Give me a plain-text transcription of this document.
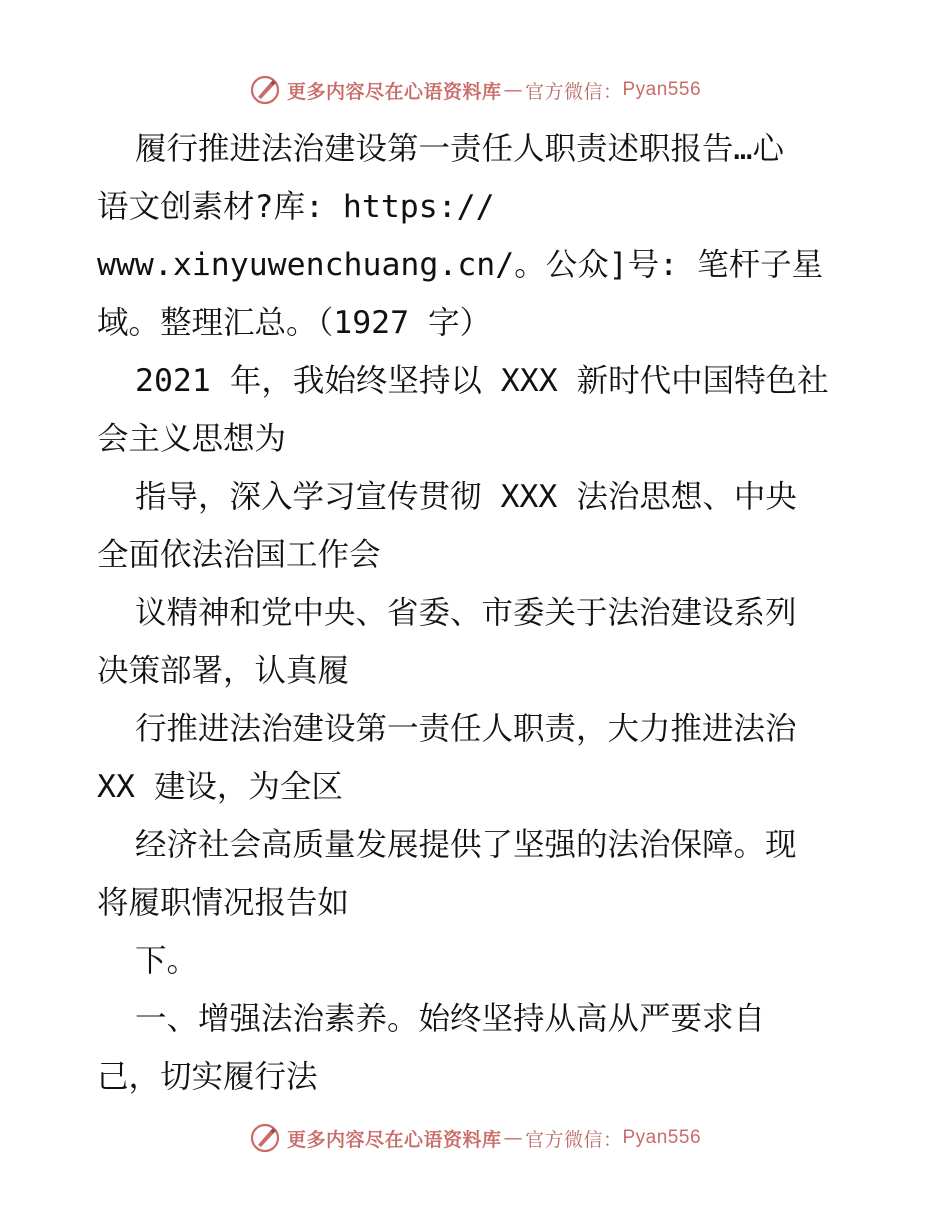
更多内容尽在心语资料库 — 官方微信： Pyan556
履行推进法治建设第一责任人职责述职报告…心
语文创素材?库: https://
www.xinyuwenchuang.cn/。公众]号: 笔杆子星
域。整理汇总。（1927 字）
2021 年，我始终坚持以 XXX 新时代中国特色社
会主义思想为
指导，深入学习宣传贯彻 XXX 法治思想、中央
全面依法治国工作会
议精神和党中央、省委、市委关于法治建设系列
决策部署，认真履
行推进法治建设第一责任人职责，大力推进法治
XX 建设，为全区
经济社会高质量发展提供了坚强的法治保障。现
将履职情况报告如
下。
一、增强法治素养。始终坚持从高从严要求自
己，切实履行法
更多内容尽在心语资料库 — 官方微信： Pyan556
